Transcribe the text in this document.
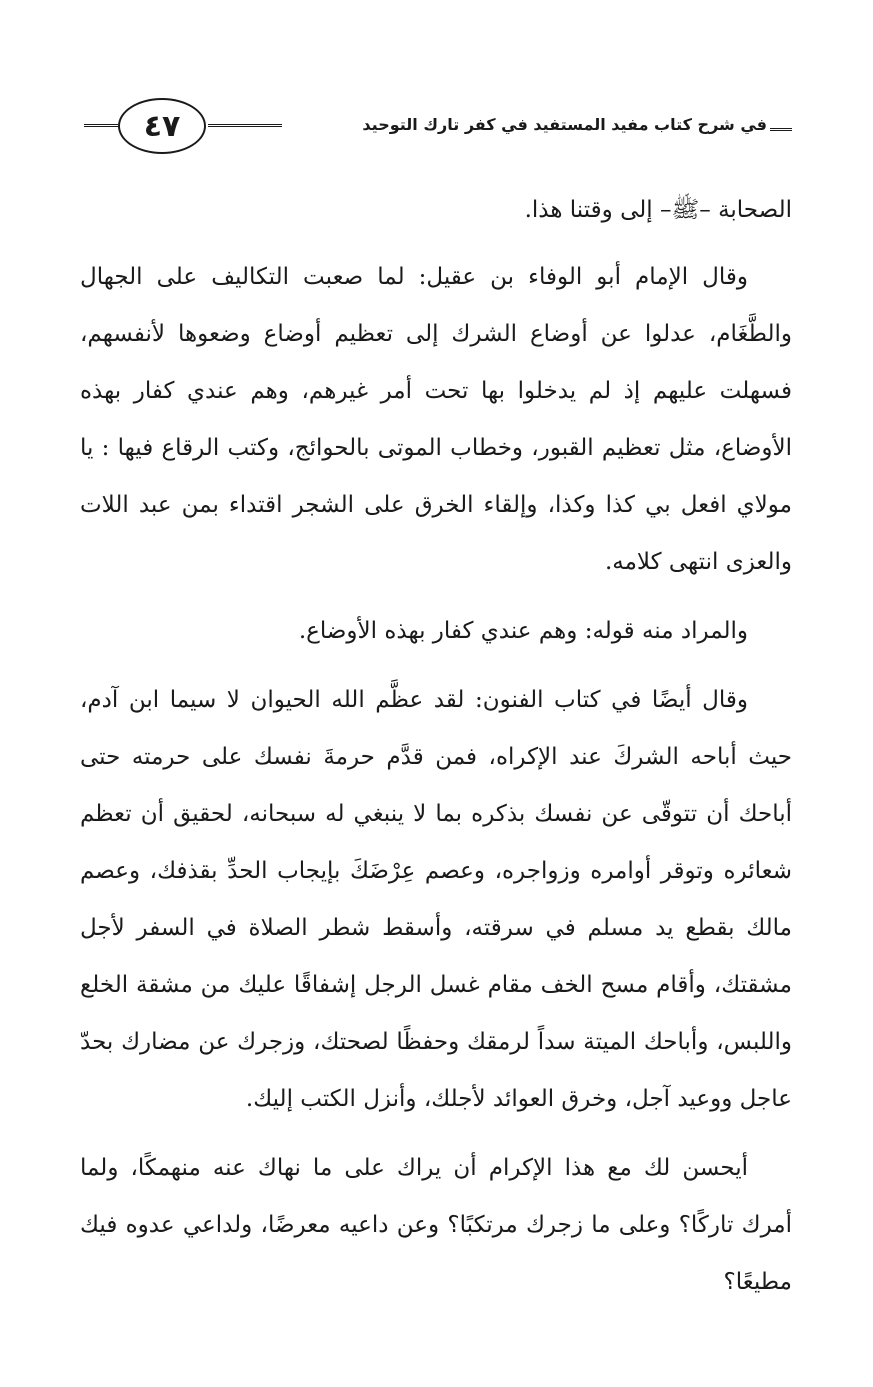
٤٧	في شرح كتاب مفيد المستفيد في كفر تارك التوحيد

الصحابة –ﷺ– إلى وقتنا هذا.

وقال الإمام أبو الوفاء بن عقيل: لما صعبت التكاليف على الجهال والطَّغَام، عدلوا عن أوضاع الشرك إلى تعظيم أوضاع وضعوها لأنفسهم، فسهلت عليهم إذ لم يدخلوا بها تحت أمر غيرهم، وهم عندي كفار بهذه الأوضاع، مثل تعظيم القبور، وخطاب الموتى بالحوائج، وكتب الرقاع فيها : يا مولاي افعل بي كذا وكذا، وإلقاء الخرق على الشجر اقتداء بمن عبد اللات والعزى انتهى كلامه.

والمراد منه قوله: وهم عندي كفار بهذه الأوضاع.

وقال أيضًا في كتاب الفنون: لقد عظَّم الله الحيوان لا سيما ابن آدم، حيث أباحه الشركَ عند الإكراه، فمن قدَّم حرمةَ نفسك على حرمته حتى أباحك أن تتوقّى عن نفسك بذكره بما لا ينبغي له سبحانه، لحقيق أن تعظم شعائره وتوقر أوامره وزواجره، وعصم عِرْضَكَ بإيجاب الحدِّ بقذفك، وعصم مالك بقطع يد مسلم في سرقته، وأسقط شطر الصلاة في السفر لأجل مشقتك، وأقام مسح الخف مقام غسل الرجل إشفاقًا عليك من مشقة الخلع واللبس، وأباحك الميتة سداً لرمقك وحفظًا لصحتك، وزجرك عن مضارك بحدّ عاجل ووعيد آجل، وخرق العوائد لأجلك، وأنزل الكتب إليك.

أيحسن لك مع هذا الإكرام أن يراك على ما نهاك عنه منهمكًا، ولما أمرك تاركًا؟ وعلى ما زجرك مرتكبًا؟ وعن داعيه معرضًا، ولداعي عدوه فيك مطيعًا؟
